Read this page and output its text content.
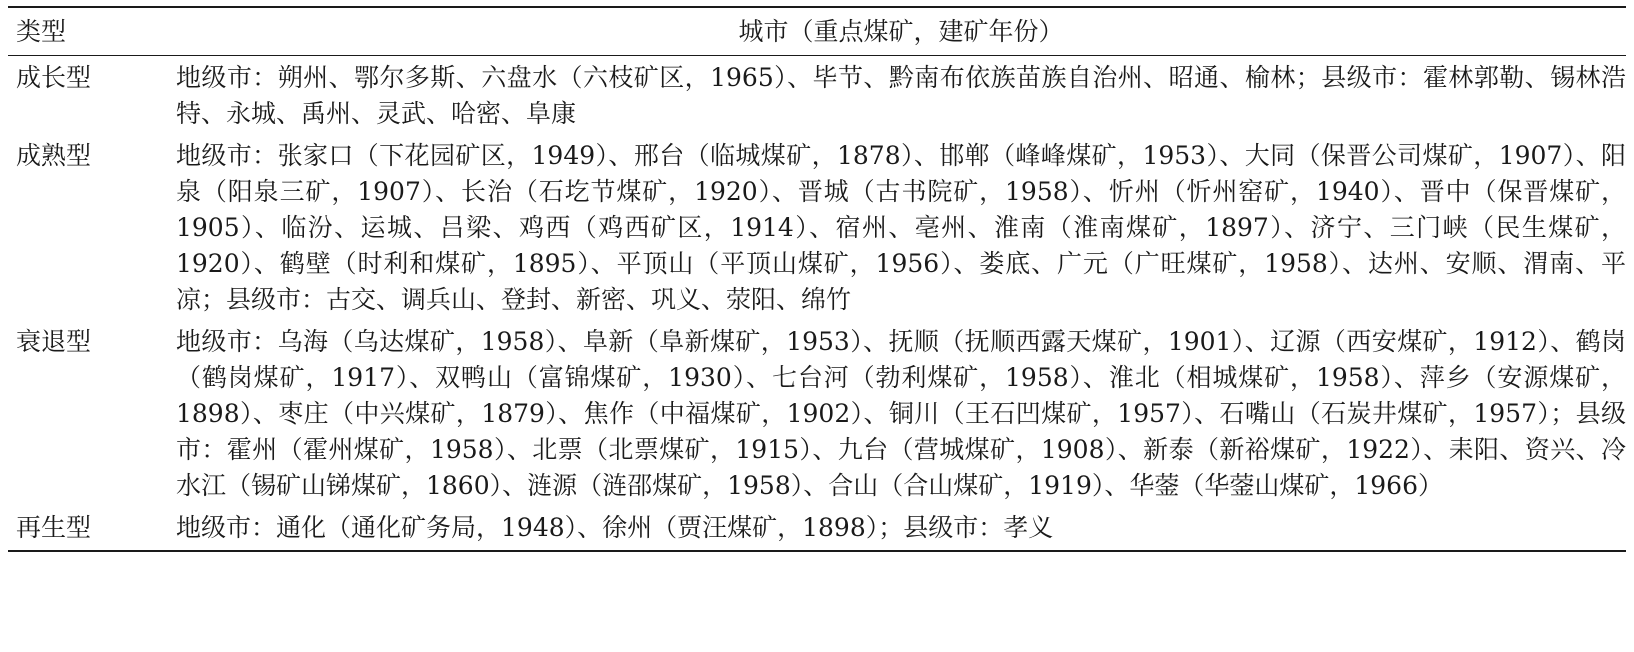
类型	城市（重点煤矿，建矿年份）
成长型	地级市：朔州、鄂尔多斯、六盘水（六枝矿区，1965）、毕节、黔南布依族苗族自治州、昭通、榆林；县级市：霍林郭勒、锡林浩特、永城、禹州、灵武、哈密、阜康
成熟型	地级市：张家口（下花园矿区，1949）、邢台（临城煤矿，1878）、邯郸（峰峰煤矿，1953）、大同（保晋公司煤矿，1907）、阳泉（阳泉三矿，1907）、长治（石圪节煤矿，1920）、晋城（古书院矿，1958）、忻州（忻州窑矿，1940）、晋中（保晋煤矿，1905）、临汾、运城、吕梁、鸡西（鸡西矿区，1914）、宿州、亳州、淮南（淮南煤矿，1897）、济宁、三门峡（民生煤矿，1920）、鹤壁（时利和煤矿，1895）、平顶山（平顶山煤矿，1956）、娄底、广元（广旺煤矿，1958）、达州、安顺、渭南、平凉；县级市：古交、调兵山、登封、新密、巩义、荥阳、绵竹
衰退型	地级市：乌海（乌达煤矿，1958）、阜新（阜新煤矿，1953）、抚顺（抚顺西露天煤矿，1901）、辽源（西安煤矿，1912）、鹤岗（鹤岗煤矿，1917）、双鸭山（富锦煤矿，1930）、七台河（勃利煤矿，1958）、淮北（相城煤矿，1958）、萍乡（安源煤矿，1898）、枣庄（中兴煤矿，1879）、焦作（中福煤矿，1902）、铜川（王石凹煤矿，1957）、石嘴山（石炭井煤矿，1957）；县级市：霍州（霍州煤矿，1958）、北票（北票煤矿，1915）、九台（营城煤矿，1908）、新泰（新裕煤矿，1922）、耒阳、资兴、冷水江（锡矿山锑煤矿，1860）、涟源（涟邵煤矿，1958）、合山（合山煤矿，1919）、华蓥（华蓥山煤矿，1966）
再生型	地级市：通化（通化矿务局，1948）、徐州（贾汪煤矿，1898）；县级市：孝义
